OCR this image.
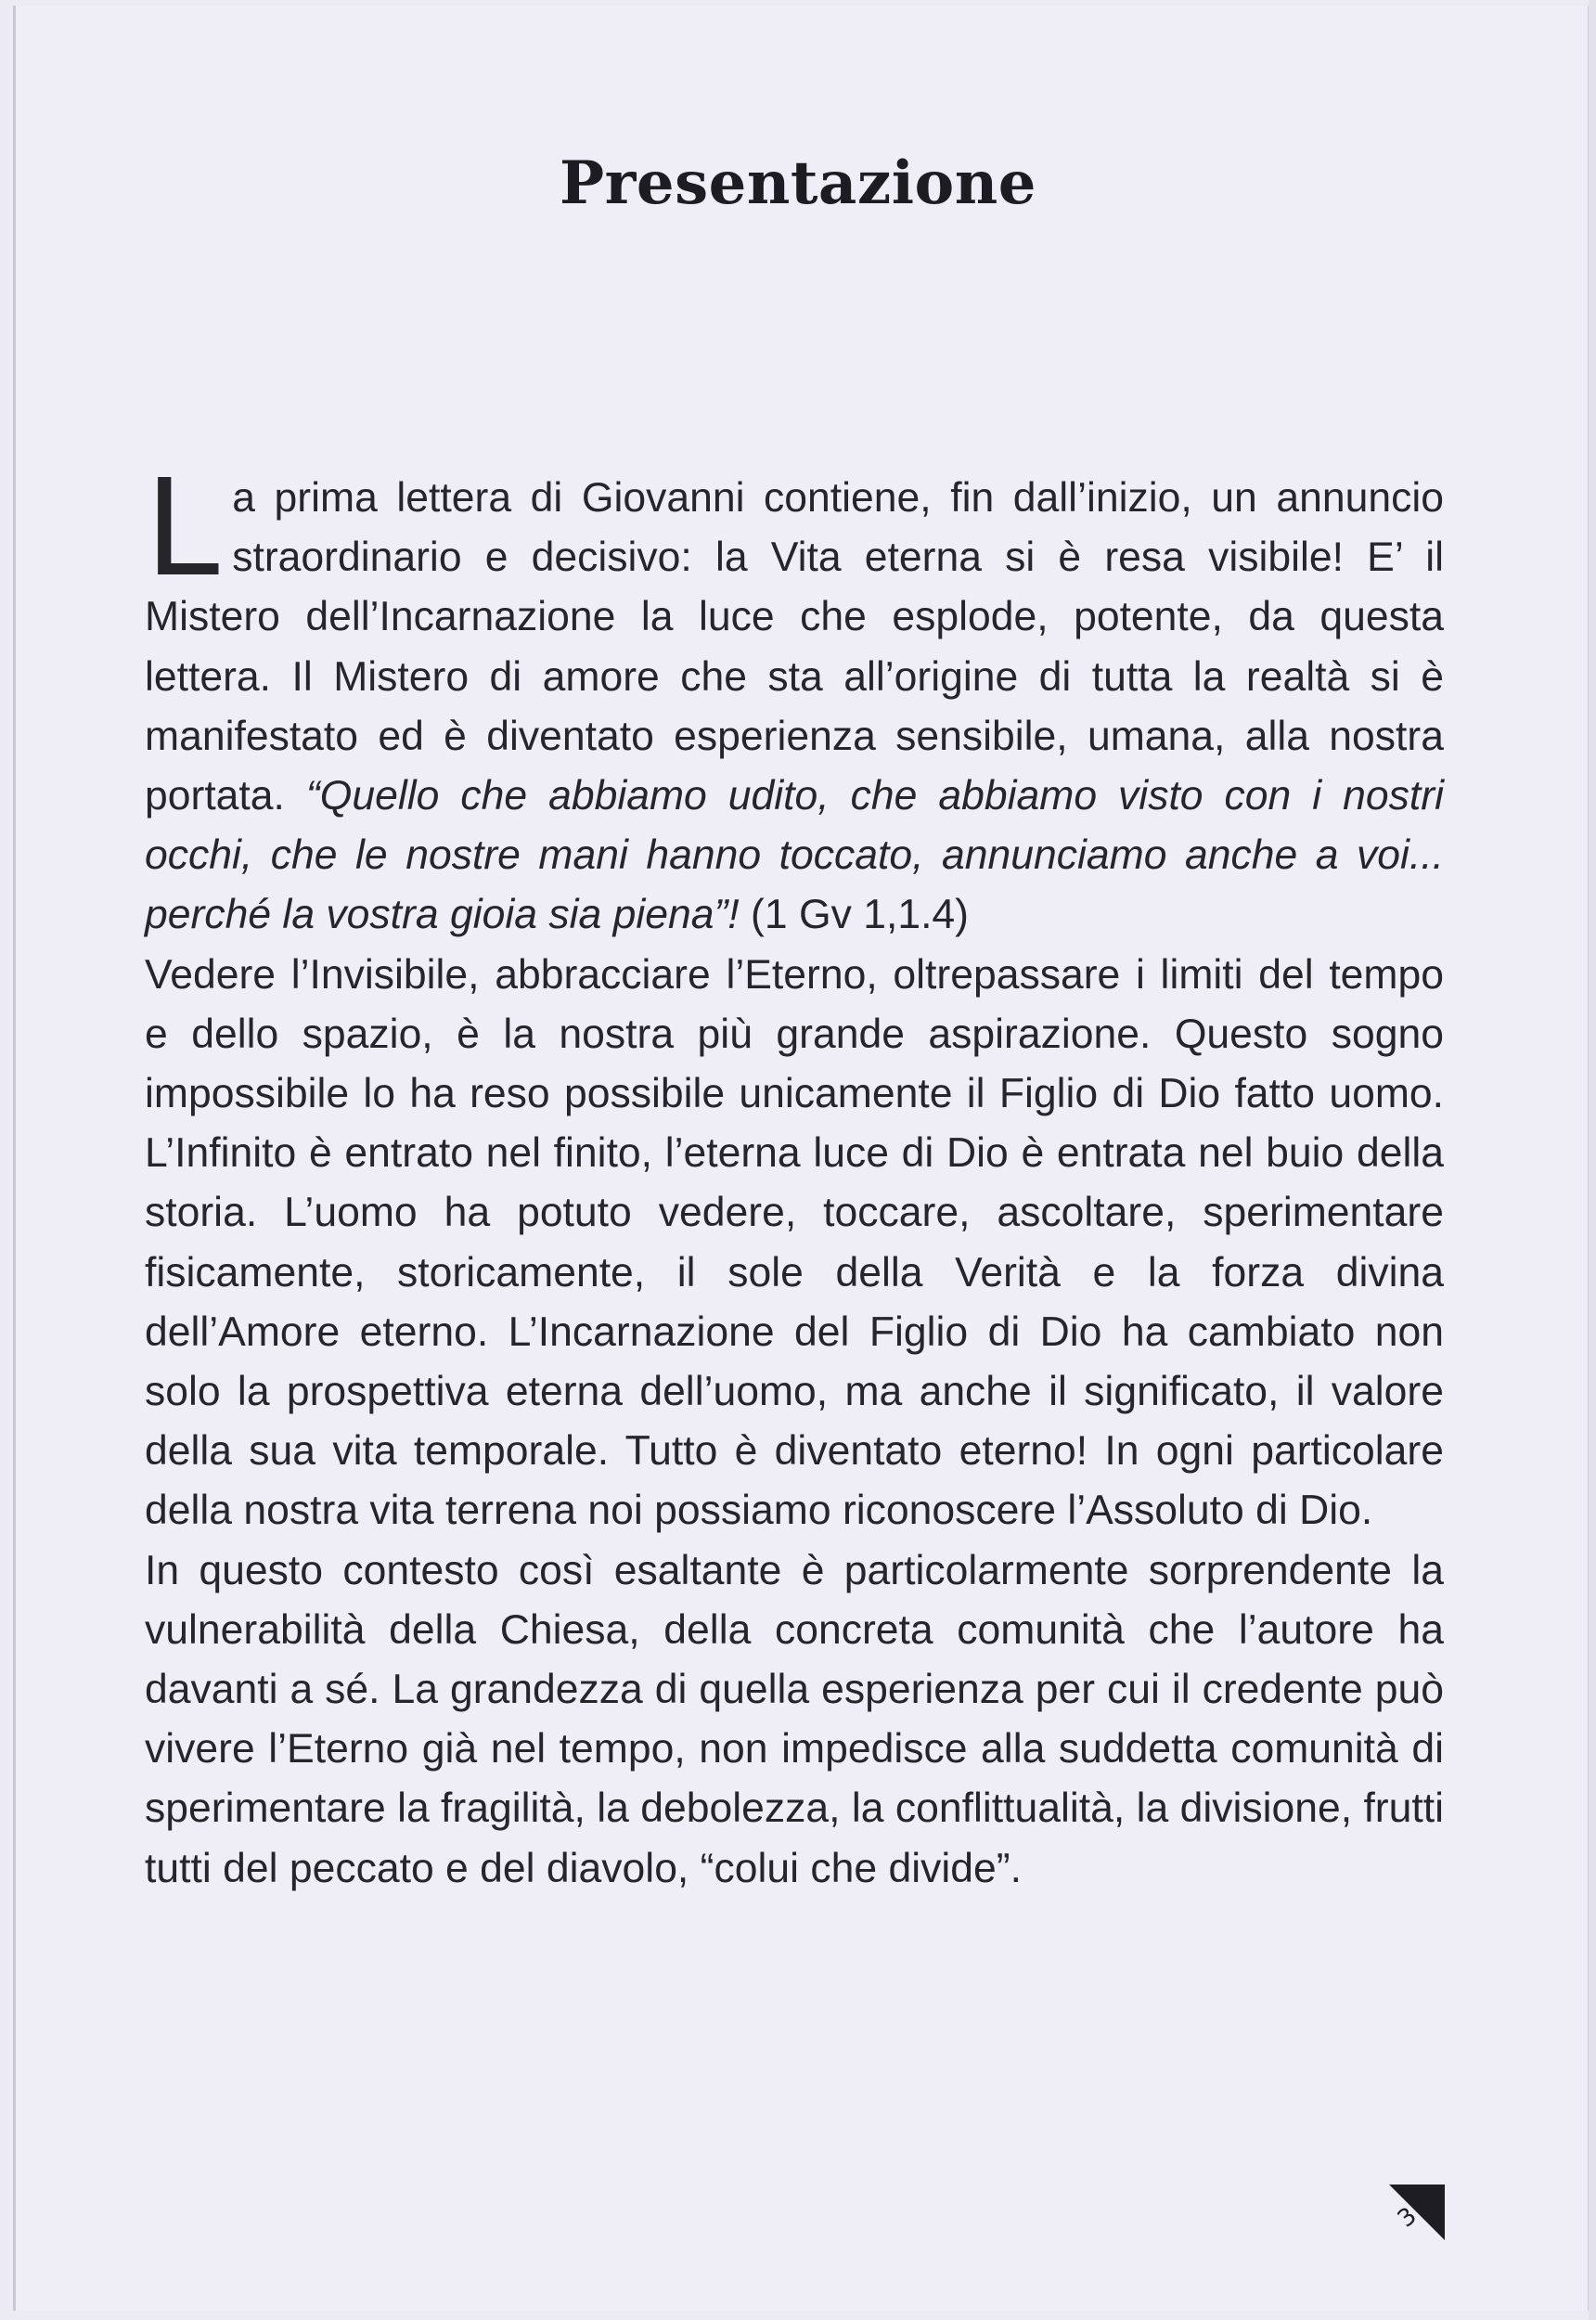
Presentazione

La prima lettera di Giovanni contiene, fin dall’inizio, un annuncio straordinario e decisivo: la Vita eterna si è resa visibile! E’ il Mistero dell’Incarnazione la luce che esplode, potente, da questa lettera. Il Mistero di amore che sta all’origine di tutta la realtà si è manifestato ed è diventato esperienza sensibile, umana, alla nostra portata. “Quello che abbiamo udito, che abbiamo visto con i nostri occhi, che le nostre mani hanno toccato, annunciamo anche a voi... perché la vostra gioia sia piena”! (1 Gv 1,1.4)

Vedere l’Invisibile, abbracciare l’Eterno, oltrepassare i limiti del tempo e dello spazio, è la nostra più grande aspirazione. Questo sogno impossibile lo ha reso possibile unicamente il Figlio di Dio fatto uomo. L’Infinito è entrato nel finito, l’eterna luce di Dio è entrata nel buio della storia. L’uomo ha potuto vedere, toccare, ascoltare, sperimentare fisicamente, storicamente, il sole della Verità e la forza divina dell’Amore eterno. L’Incarnazione del Figlio di Dio ha cambiato non solo la prospettiva eterna dell’uomo, ma anche il significato, il valore della sua vita temporale. Tutto è diventato eterno! In ogni particolare della nostra vita terrena noi possiamo riconoscere l’Assoluto di Dio.

In questo contesto così esaltante è particolarmente sorprendente la vulnerabilità della Chiesa, della concreta comunità che l’autore ha davanti a sé. La grandezza di quella esperienza per cui il credente può vivere l’Eterno già nel tempo, non impedisce alla suddetta comunità di sperimentare la fragilità, la debolezza, la conflittualità, la divisione, frutti tutti del peccato e del diavolo, “colui che divide”.

3
